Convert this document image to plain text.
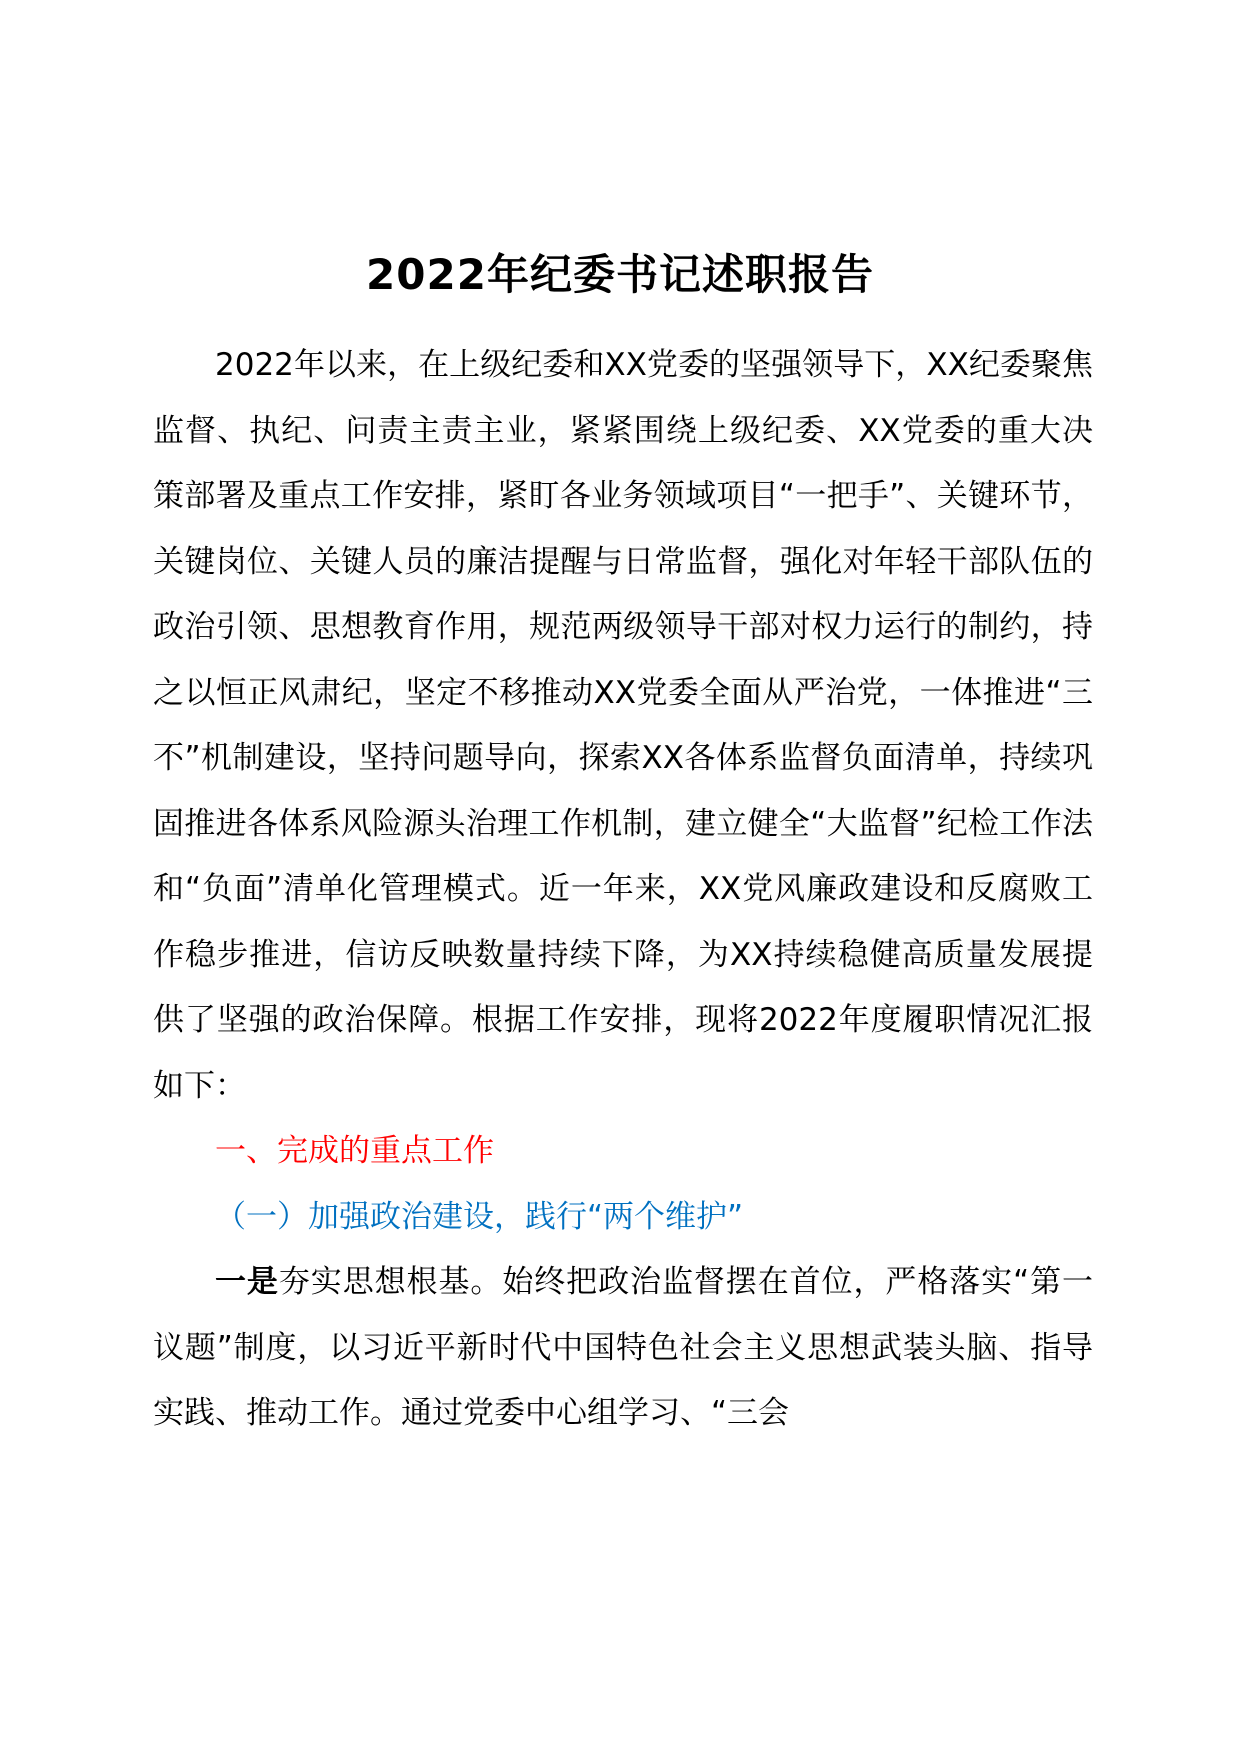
2022年纪委书记述职报告

2022年以来，在上级纪委和XX党委的坚强领导下，XX纪委聚焦监督、执纪、问责主责主业，紧紧围绕上级纪委、XX党委的重大决策部署及重点工作安排，紧盯各业务领域项目“一把手”、关键环节，关键岗位、关键人员的廉洁提醒与日常监督，强化对年轻干部队伍的政治引领、思想教育作用，规范两级领导干部对权力运行的制约，持之以恒正风肃纪，坚定不移推动XX党委全面从严治党，一体推进“三不”机制建设，坚持问题导向，探索XX各体系监督负面清单，持续巩固推进各体系风险源头治理工作机制，建立健全“大监督”纪检工作法和“负面”清单化管理模式。近一年来，XX党风廉政建设和反腐败工作稳步推进，信访反映数量持续下降，为XX持续稳健高质量发展提供了坚强的政治保障。根据工作安排，现将2022年度履职情况汇报如下：

一、完成的重点工作

（一）加强政治建设，践行“两个维护”

一是夯实思想根基。始终把政治监督摆在首位，严格落实“第一议题”制度，以习近平新时代中国特色社会主义思想武装头脑、指导实践、推动工作。通过党委中心组学习、“三会
